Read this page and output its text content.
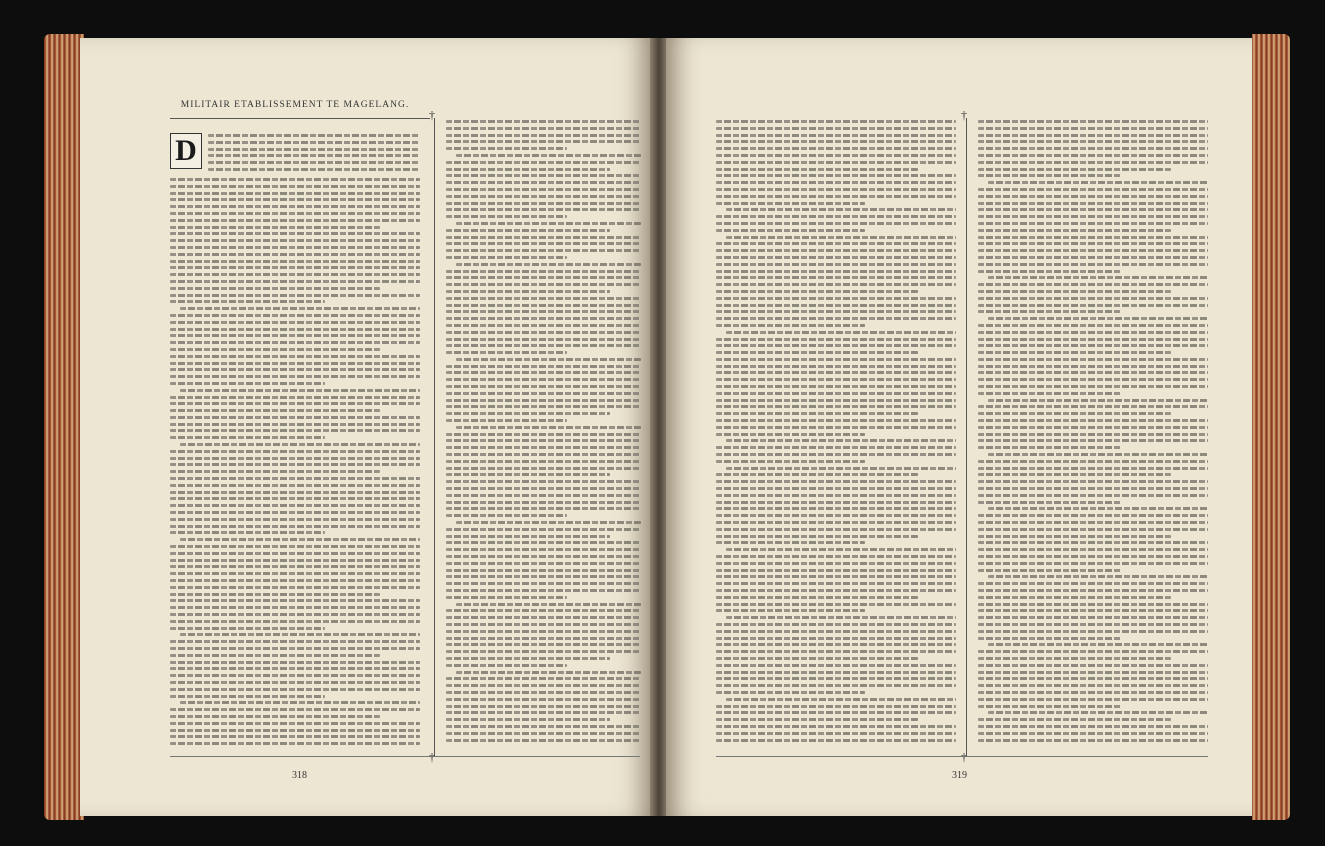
MILITAIR ETABLISSEMENT TE MAGELANG.
D
†
†
318
†
†
319
